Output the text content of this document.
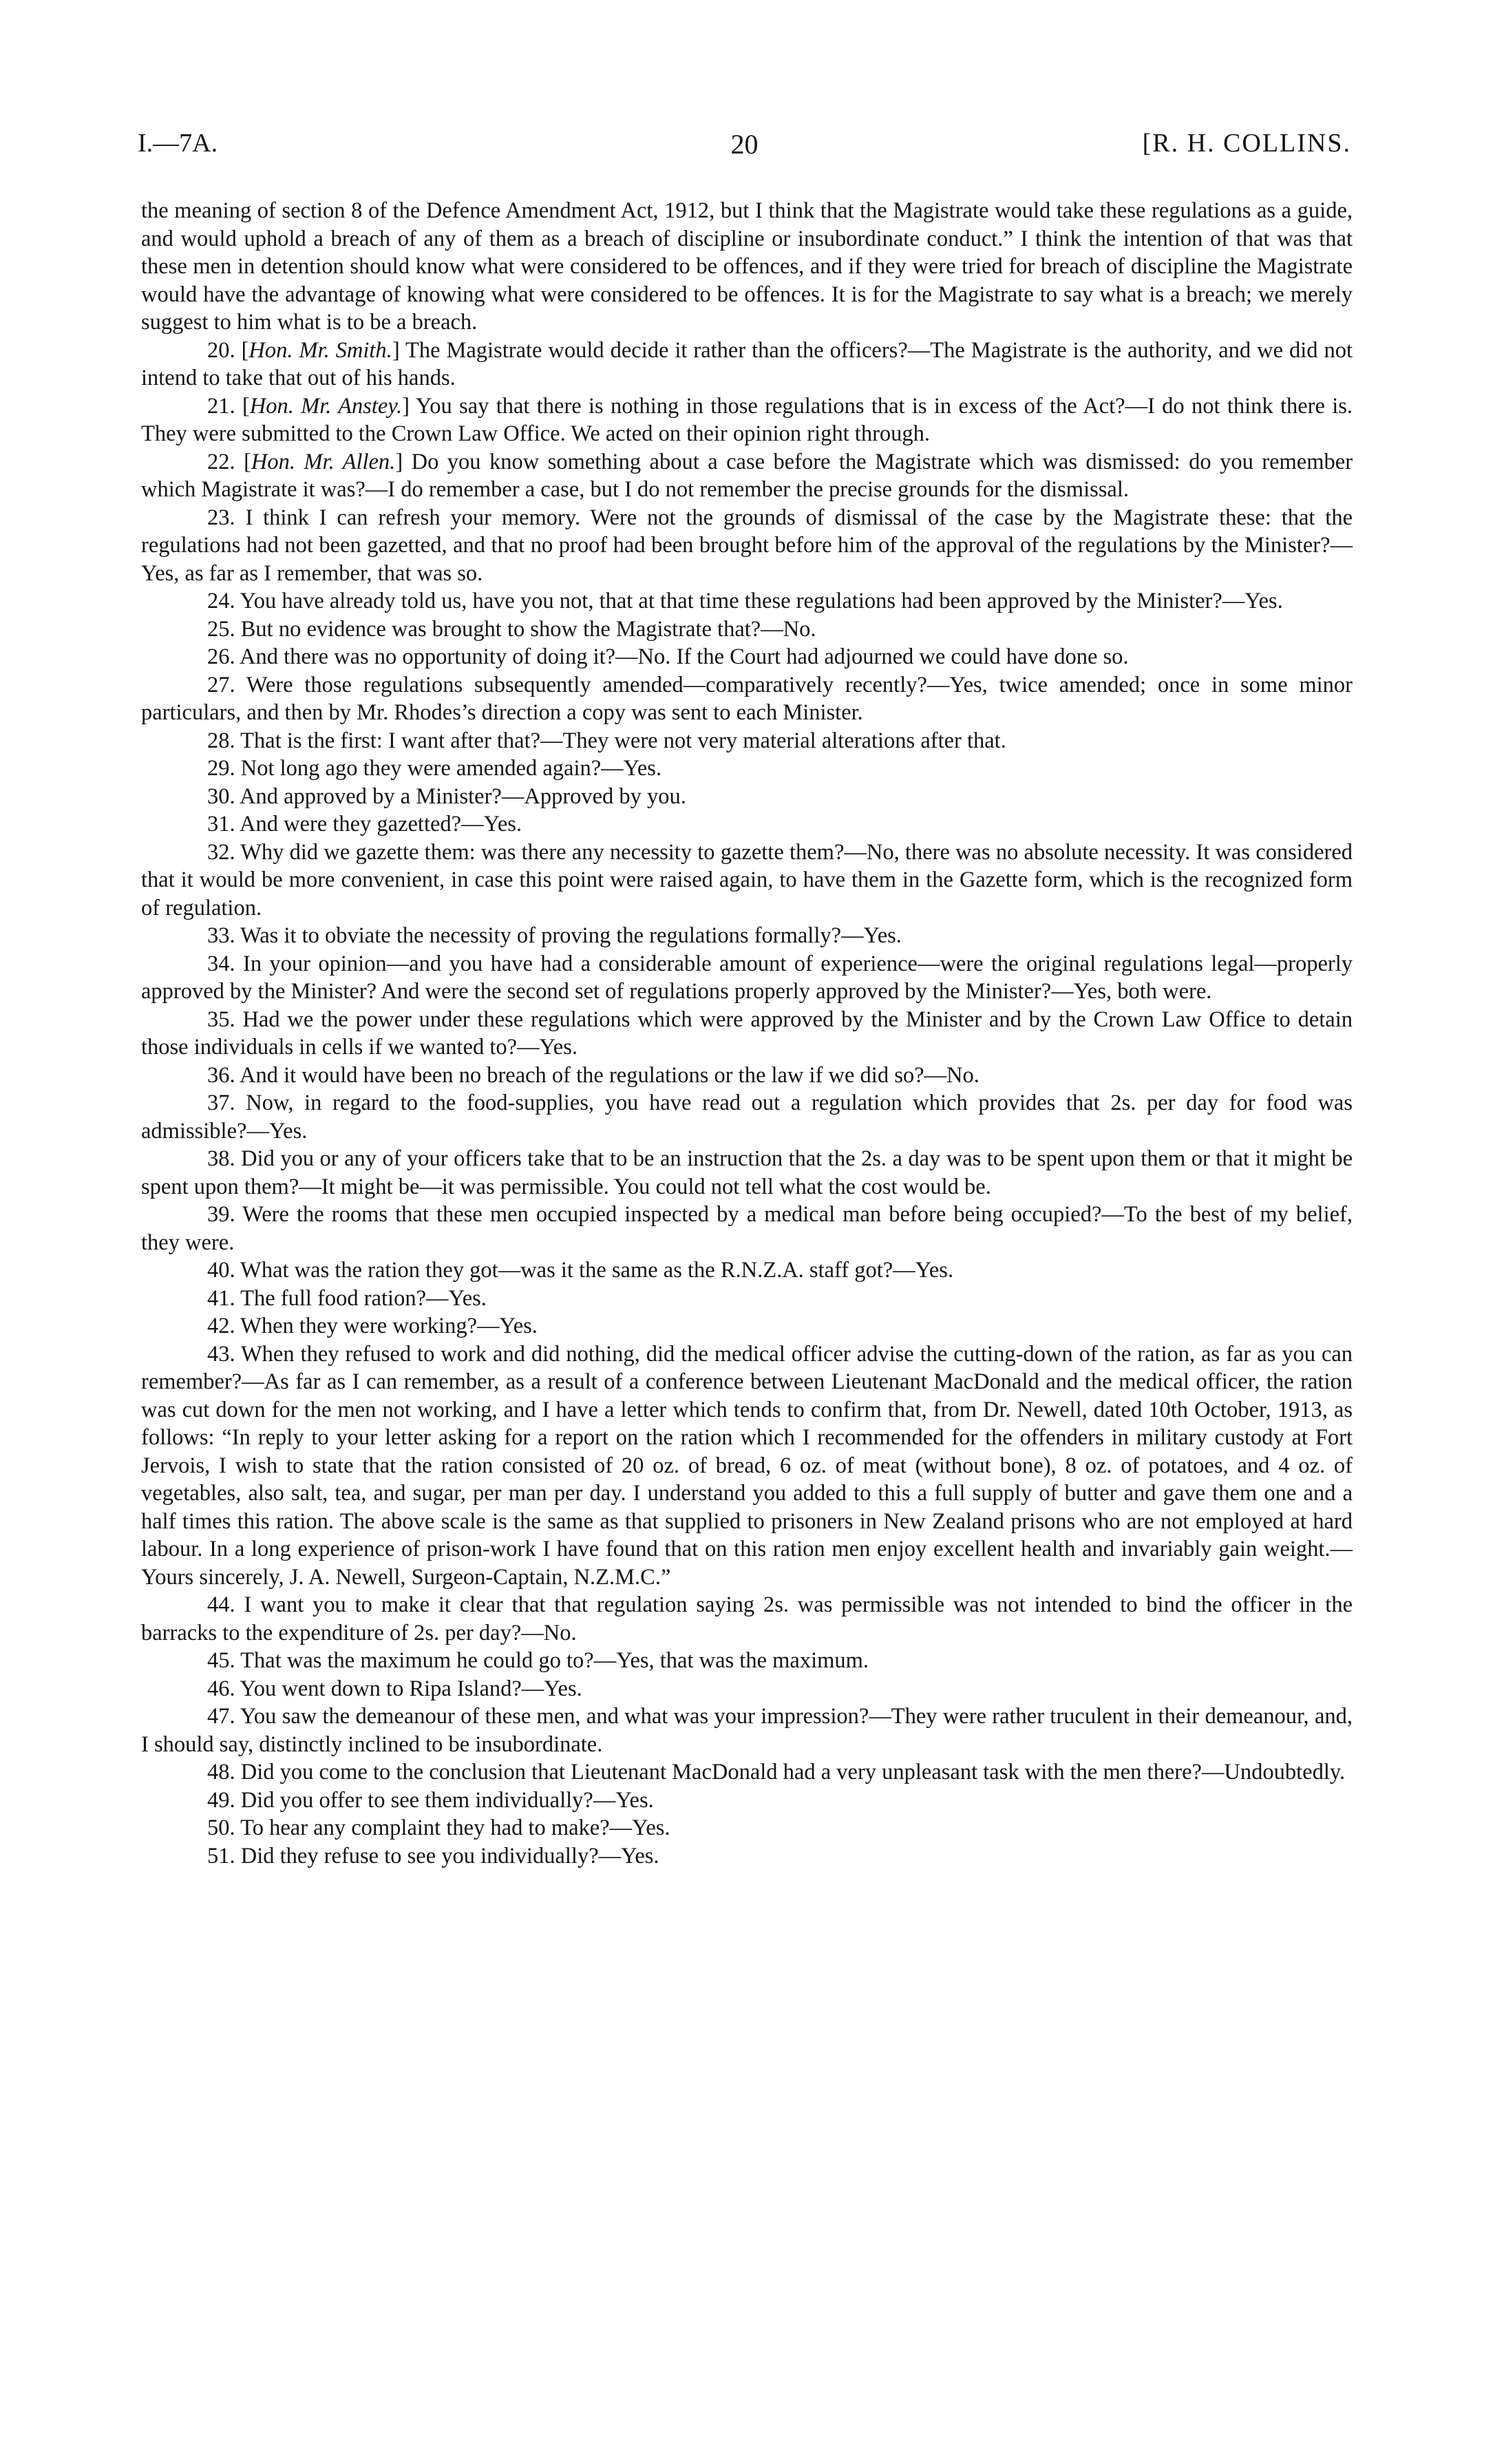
I.—7A.	20	[R. H. COLLINS.

the meaning of section 8 of the Defence Amendment Act, 1912, but I think that the Magistrate would take these regulations as a guide, and would uphold a breach of any of them as a breach of discipline or insubordinate conduct.” I think the intention of that was that these men in detention should know what were considered to be offences, and if they were tried for breach of discipline the Magistrate would have the advantage of knowing what were considered to be offences. It is for the Magistrate to say what is a breach; we merely suggest to him what is to be a breach.

20. [Hon. Mr. Smith.] The Magistrate would decide it rather than the officers?—The Magistrate is the authority, and we did not intend to take that out of his hands.

21. [Hon. Mr. Anstey.] You say that there is nothing in those regulations that is in excess of the Act?—I do not think there is. They were submitted to the Crown Law Office. We acted on their opinion right through.

22. [Hon. Mr. Allen.] Do you know something about a case before the Magistrate which was dismissed: do you remember which Magistrate it was?—I do remember a case, but I do not remember the precise grounds for the dismissal.

23. I think I can refresh your memory. Were not the grounds of dismissal of the case by the Magistrate these: that the regulations had not been gazetted, and that no proof had been brought before him of the approval of the regulations by the Minister?—Yes, as far as I remember, that was so.

24. You have already told us, have you not, that at that time these regulations had been approved by the Minister?—Yes.

25. But no evidence was brought to show the Magistrate that?—No.

26. And there was no opportunity of doing it?—No. If the Court had adjourned we could have done so.

27. Were those regulations subsequently amended—comparatively recently?—Yes, twice amended; once in some minor particulars, and then by Mr. Rhodes’s direction a copy was sent to each Minister.

28. That is the first: I want after that?—They were not very material alterations after that.

29. Not long ago they were amended again?—Yes.

30. And approved by a Minister?—Approved by you.

31. And were they gazetted?—Yes.

32. Why did we gazette them: was there any necessity to gazette them?—No, there was no absolute necessity. It was considered that it would be more convenient, in case this point were raised again, to have them in the Gazette form, which is the recognized form of regulation.

33. Was it to obviate the necessity of proving the regulations formally?—Yes.

34. In your opinion—and you have had a considerable amount of experience—were the original regulations legal—properly approved by the Minister? And were the second set of regulations properly approved by the Minister?—Yes, both were.

35. Had we the power under these regulations which were approved by the Minister and by the Crown Law Office to detain those individuals in cells if we wanted to?—Yes.

36. And it would have been no breach of the regulations or the law if we did so?—No.

37. Now, in regard to the food-supplies, you have read out a regulation which provides that 2s. per day for food was admissible?—Yes.

38. Did you or any of your officers take that to be an instruction that the 2s. a day was to be spent upon them or that it might be spent upon them?—It might be—it was permissible. You could not tell what the cost would be.

39. Were the rooms that these men occupied inspected by a medical man before being occupied?—To the best of my belief, they were.

40. What was the ration they got—was it the same as the R.N.Z.A. staff got?—Yes.

41. The full food ration?—Yes.

42. When they were working?—Yes.

43. When they refused to work and did nothing, did the medical officer advise the cutting-down of the ration, as far as you can remember?—As far as I can remember, as a result of a conference between Lieutenant MacDonald and the medical officer, the ration was cut down for the men not working, and I have a letter which tends to confirm that, from Dr. Newell, dated 10th October, 1913, as follows: “In reply to your letter asking for a report on the ration which I recommended for the offenders in military custody at Fort Jervois, I wish to state that the ration consisted of 20 oz. of bread, 6 oz. of meat (without bone), 8 oz. of potatoes, and 4 oz. of vegetables, also salt, tea, and sugar, per man per day. I understand you added to this a full supply of butter and gave them one and a half times this ration. The above scale is the same as that supplied to prisoners in New Zealand prisons who are not employed at hard labour. In a long experience of prison-work I have found that on this ration men enjoy excellent health and invariably gain weight.—Yours sincerely, J. A. Newell, Surgeon-Captain, N.Z.M.C.”

44. I want you to make it clear that that regulation saying 2s. was permissible was not intended to bind the officer in the barracks to the expenditure of 2s. per day?—No.

45. That was the maximum he could go to?—Yes, that was the maximum.

46. You went down to Ripa Island?—Yes.

47. You saw the demeanour of these men, and what was your impression?—They were rather truculent in their demeanour, and, I should say, distinctly inclined to be insubordinate.

48. Did you come to the conclusion that Lieutenant MacDonald had a very unpleasant task with the men there?—Undoubtedly.

49. Did you offer to see them individually?—Yes.

50. To hear any complaint they had to make?—Yes.

51. Did they refuse to see you individually?—Yes.
